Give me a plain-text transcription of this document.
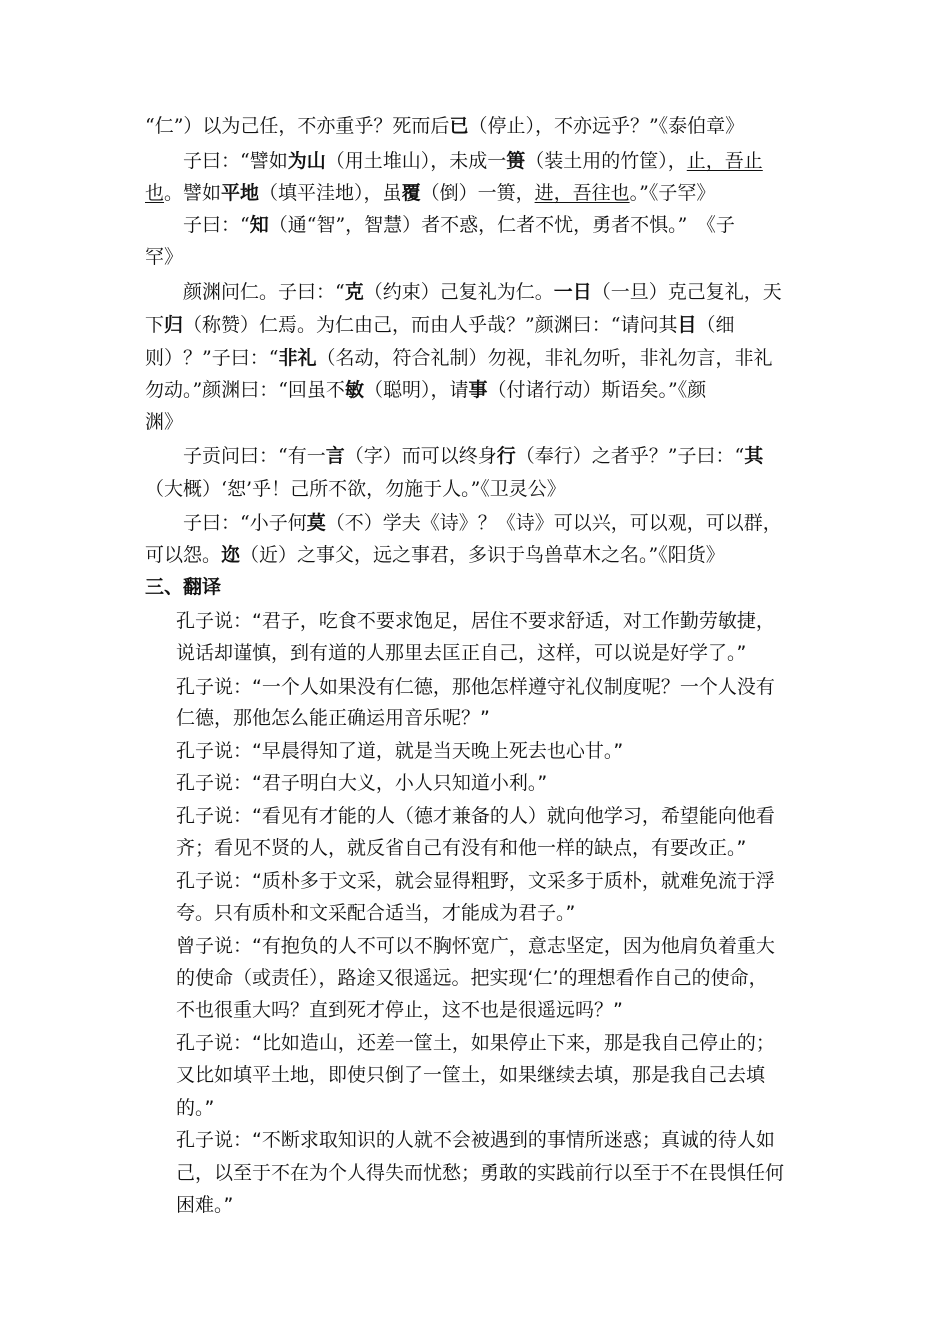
“仁”）以为己任，不亦重乎？死而后已（停止），不亦远乎？”《泰伯章》
子曰：“譬如为山（用土堆山），未成一篑（装土用的竹筐），止，吾止
也。譬如平地（填平洼地），虽覆（倒）一篑，进，吾往也。”《子罕》
子曰：“知（通“智”，智慧）者不惑，仁者不忧，勇者不惧。”　《子
罕》
颜渊问仁。子曰：“克（约束）己复礼为仁。一日（一旦）克己复礼，天
下归（称赞）仁焉。为仁由己，而由人乎哉？”颜渊曰：“请问其目（细
则）？”子曰：“非礼（名动，符合礼制）勿视，非礼勿听，非礼勿言，非礼
勿动。”颜渊曰：“回虽不敏（聪明），请事（付诸行动）斯语矣。”《颜
渊》
子贡问曰：“有一言（字）而可以终身行（奉行）之者乎？”子曰：“其
（大概）‘恕’乎！己所不欲，勿施于人。”《卫灵公》
子曰：“小子何莫（不）学夫《诗》？《诗》可以兴，可以观，可以群，
可以怨。迩（近）之事父，远之事君，多识于鸟兽草木之名。”《阳货》
三、翻译
孔子说：“君子，吃食不要求饱足，居住不要求舒适，对工作勤劳敏捷，
说话却谨慎，到有道的人那里去匡正自己，这样，可以说是好学了。”
孔子说：“一个人如果没有仁德，那他怎样遵守礼仪制度呢？一个人没有
仁德，那他怎么能正确运用音乐呢？”
孔子说：“早晨得知了道，就是当天晚上死去也心甘。”
孔子说：“君子明白大义，小人只知道小利。”
孔子说：“看见有才能的人（德才兼备的人）就向他学习，希望能向他看
齐；看见不贤的人，就反省自己有没有和他一样的缺点，有要改正。”
孔子说：“质朴多于文采，就会显得粗野，文采多于质朴，就难免流于浮
夸。只有质朴和文采配合适当，才能成为君子。”
曾子说：“有抱负的人不可以不胸怀宽广，意志坚定，因为他肩负着重大
的使命（或责任），路途又很遥远。把实现‘仁’的理想看作自己的使命，
不也很重大吗？直到死才停止，这不也是很遥远吗？”
孔子说：“比如造山，还差一筐土，如果停止下来，那是我自己停止的；
又比如填平土地，即使只倒了一筐土，如果继续去填，那是我自己去填
的。”
孔子说：“不断求取知识的人就不会被遇到的事情所迷惑；真诚的待人如
己，以至于不在为个人得失而忧愁；勇敢的实践前行以至于不在畏惧任何
困难。”
